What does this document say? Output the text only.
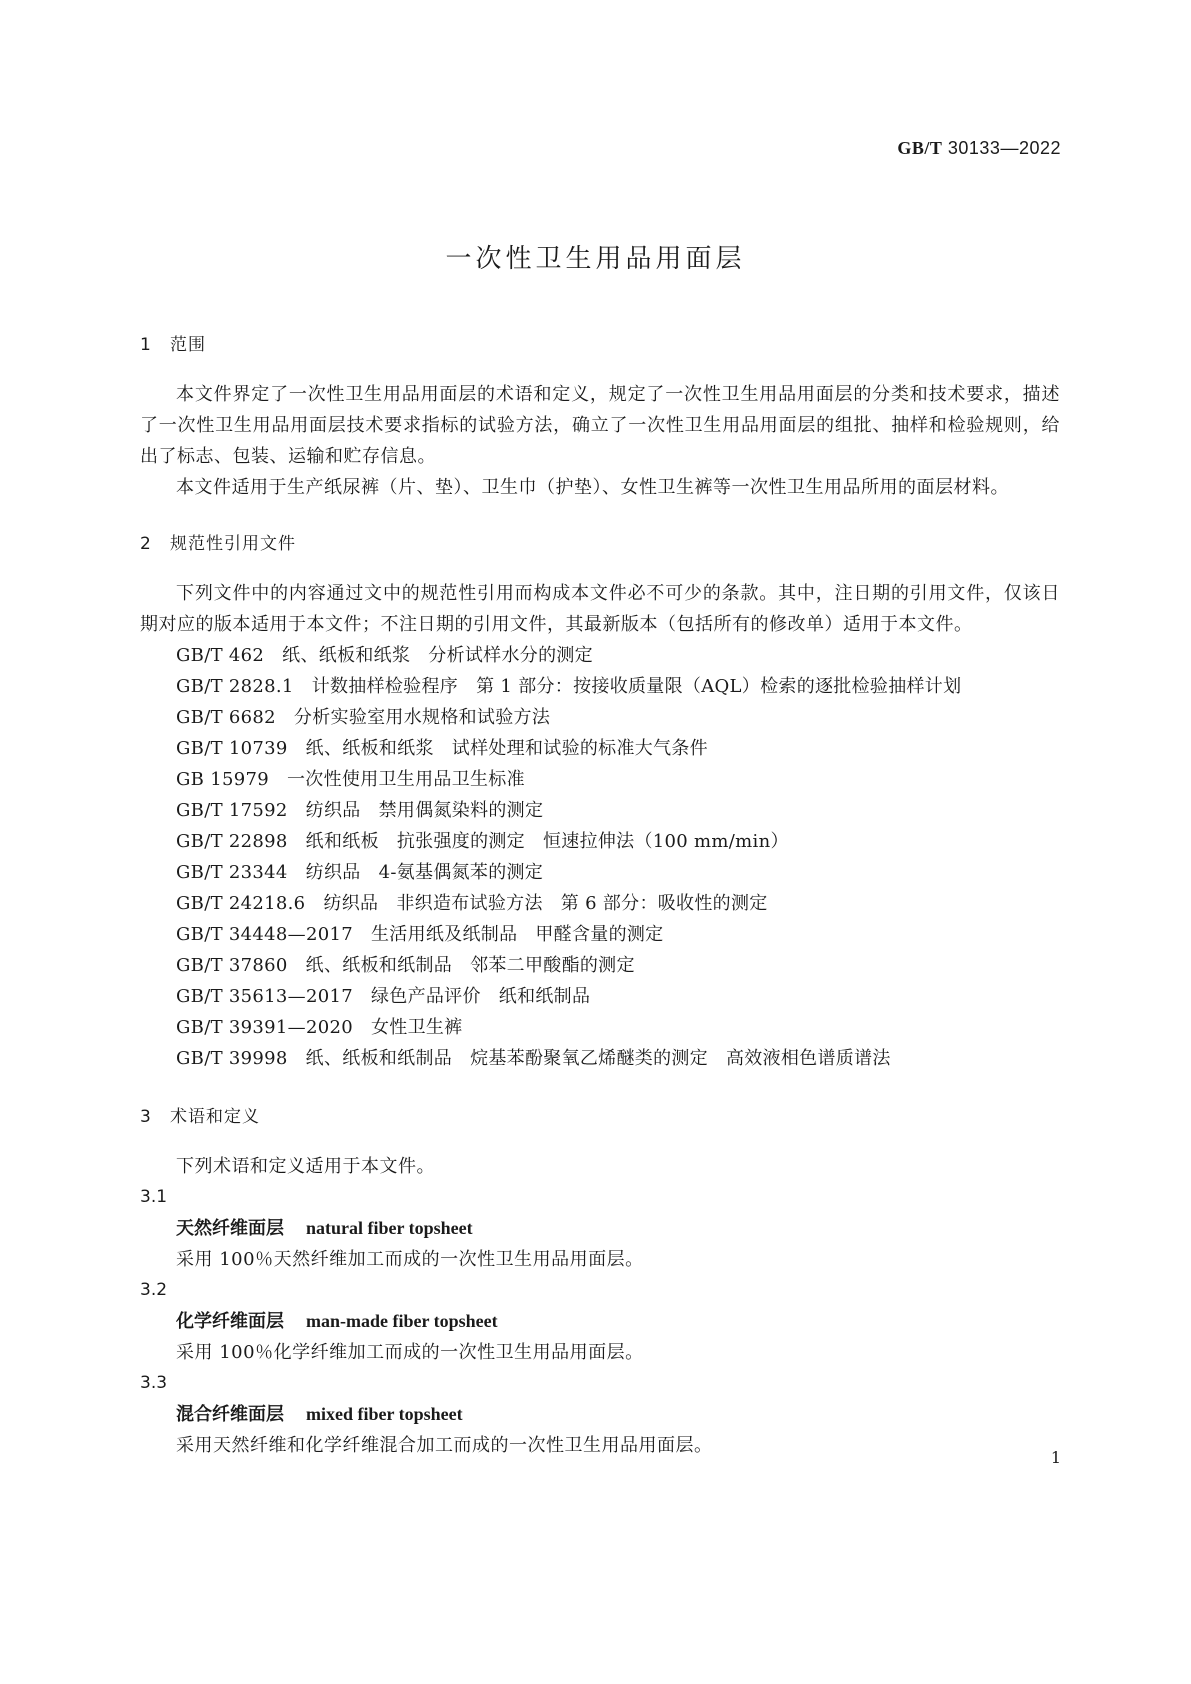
GB/T 30133—2022
一次性卫生用品用面层
1 范围

本文件界定了一次性卫生用品用面层的术语和定义，规定了一次性卫生用品用面层的分类和技术要求，描述了一次性卫生用品用面层技术要求指标的试验方法，确立了一次性卫生用品用面层的组批、抽样和检验规则，给出了标志、包装、运输和贮存信息。

本文件适用于生产纸尿裤（片、垫）、卫生巾（护垫）、女性卫生裤等一次性卫生用品所用的面层材料。

2 规范性引用文件

下列文件中的内容通过文中的规范性引用而构成本文件必不可少的条款。其中，注日期的引用文件，仅该日期对应的版本适用于本文件；不注日期的引用文件，其最新版本（包括所有的修改单）适用于本文件。

GB/T 462 纸、纸板和纸浆 分析试样水分的测定

GB/T 2828.1 计数抽样检验程序 第 1 部分：按接收质量限（AQL）检索的逐批检验抽样计划

GB/T 6682 分析实验室用水规格和试验方法

GB/T 10739 纸、纸板和纸浆 试样处理和试验的标准大气条件

GB 15979 一次性使用卫生用品卫生标准

GB/T 17592 纺织品 禁用偶氮染料的测定

GB/T 22898 纸和纸板 抗张强度的测定 恒速拉伸法（100 mm/min）

GB/T 23344 纺织品 4-氨基偶氮苯的测定

GB/T 24218.6 纺织品 非织造布试验方法 第 6 部分：吸收性的测定

GB/T 34448—2017 生活用纸及纸制品 甲醛含量的测定

GB/T 37860 纸、纸板和纸制品 邻苯二甲酸酯的测定

GB/T 35613—2017 绿色产品评价 纸和纸制品

GB/T 39391—2020 女性卫生裤

GB/T 39998 纸、纸板和纸制品 烷基苯酚聚氧乙烯醚类的测定 高效液相色谱质谱法

3 术语和定义

下列术语和定义适用于本文件。

3.1

天然纤维面层 natural fiber topsheet

采用 100％天然纤维加工而成的一次性卫生用品用面层。

3.2

化学纤维面层 man-made fiber topsheet

采用 100％化学纤维加工而成的一次性卫生用品用面层。

3.3

混合纤维面层 mixed fiber topsheet

采用天然纤维和化学纤维混合加工而成的一次性卫生用品用面层。

1
